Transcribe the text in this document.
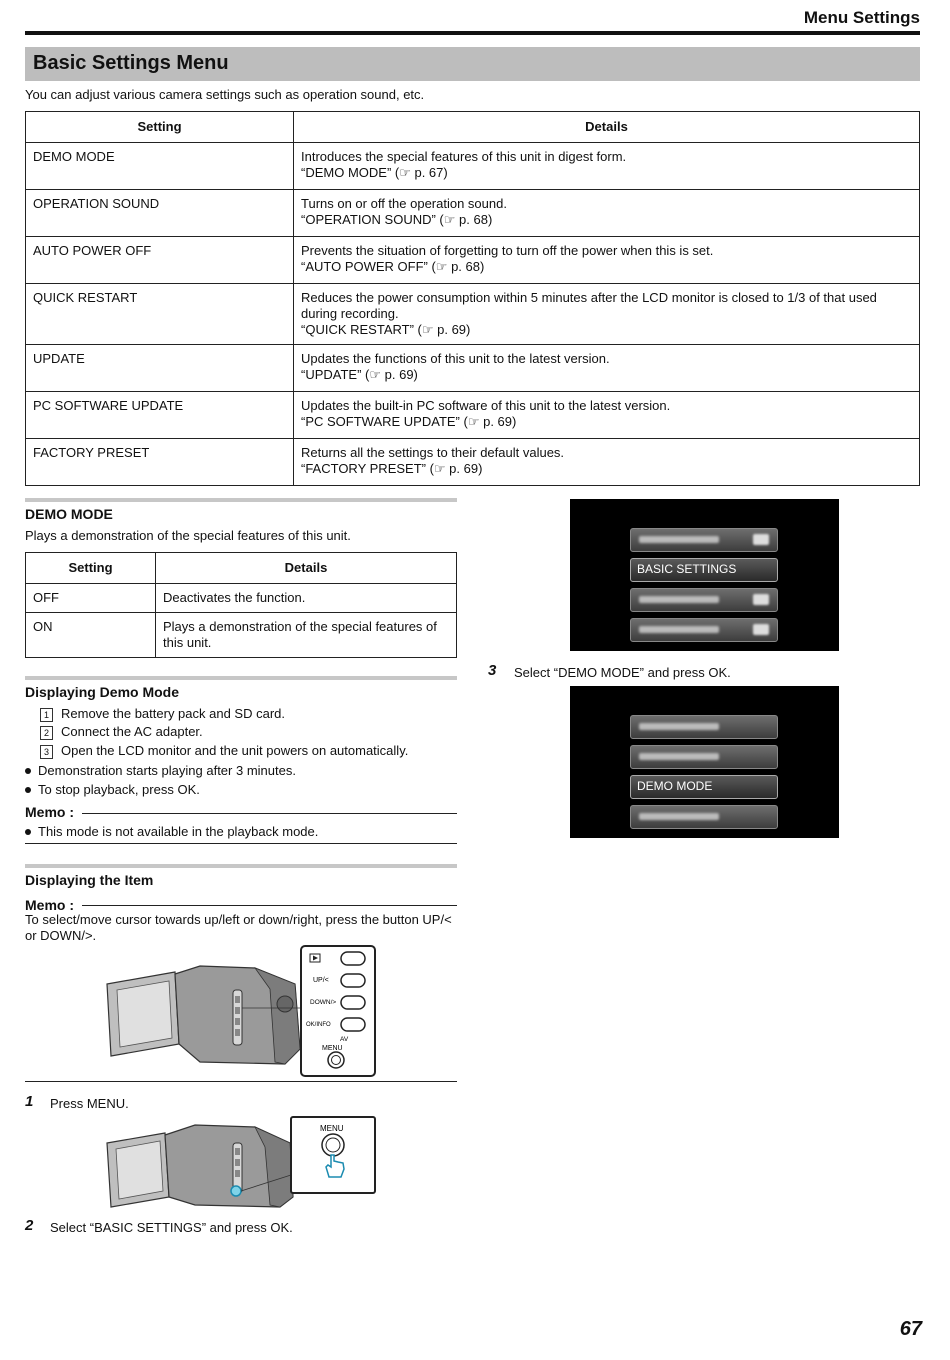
Menu Settings
Basic Settings Menu
You can adjust various camera settings such as operation sound, etc.
Setting	Details
DEMO MODE	Introduces the special features of this unit in digest form.
“DEMO MODE” (☞ p. 67)

OPERATION SOUND	Turns on or off the operation sound.
“OPERATION SOUND” (☞ p. 68)

AUTO POWER OFF	Prevents the situation of forgetting to turn off the power when this is set.
“AUTO POWER OFF” (☞ p. 68)

QUICK RESTART	Reduces the power consumption within 5 minutes after the LCD monitor is closed to 1/3 of that used during recording.
“QUICK RESTART” (☞ p. 69)

UPDATE	Updates the functions of this unit to the latest version.
“UPDATE” (☞ p. 69)

PC SOFTWARE UPDATE	Updates the built-in PC software of this unit to the latest version.
“PC SOFTWARE UPDATE” (☞ p. 69)

FACTORY PRESET	Returns all the settings to their default values.
“FACTORY PRESET” (☞ p. 69)
DEMO MODE
Plays a demonstration of the special features of this unit.
Setting	Details
OFF	Deactivates the function.
ON	Plays a demonstration of the special features of this unit.
Displaying Demo Mode
1 Remove the battery pack and SD card.
2 Connect the AC adapter.
3 Open the LCD monitor and the unit powers on automatically.
Demonstration starts playing after 3 minutes.
To stop playback, press OK.
Memo :
This mode is not available in the playback mode.
Displaying the Item
Memo :
To select/move cursor towards up/left or down/right, press the button UP/< or DOWN/>.
UP/<
DOWN/>
OK/INFO
AV
MENU
1 Press MENU.
MENU
2 Select “BASIC SETTINGS” and press OK.
BASIC SETTINGS
3 Select “DEMO MODE” and press OK.
DEMO MODE
67
